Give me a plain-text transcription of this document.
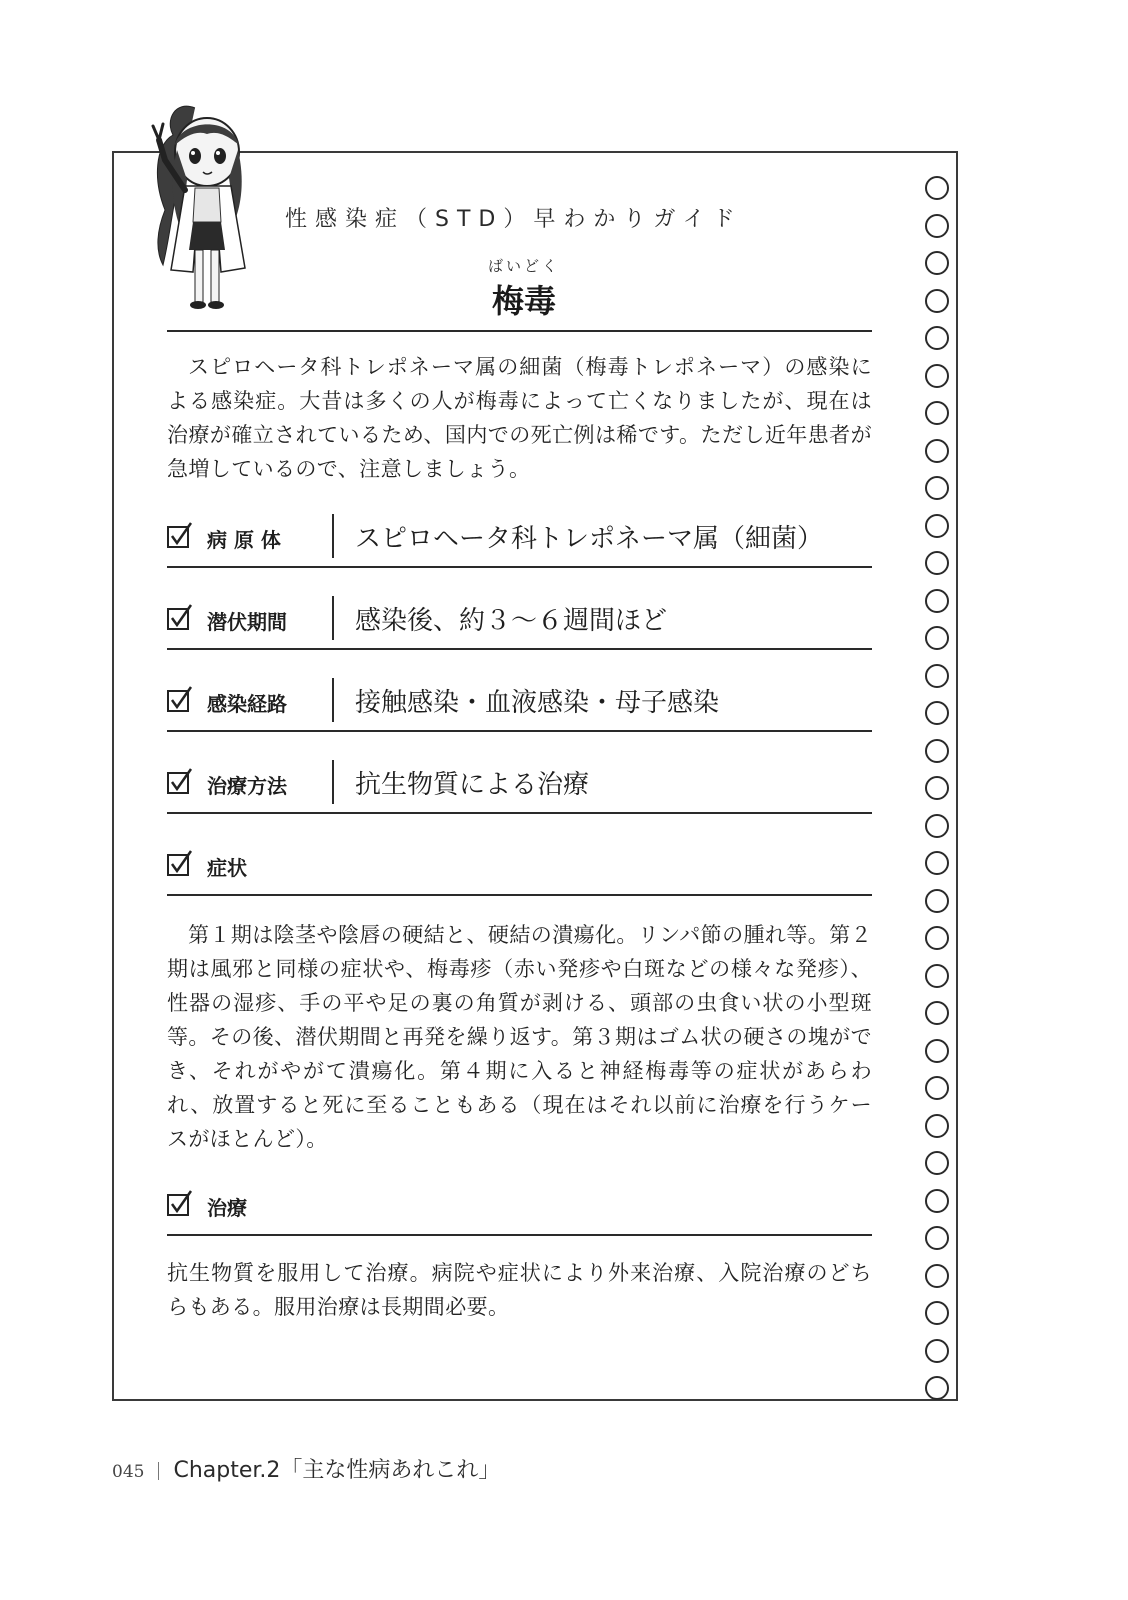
性感染症（STD）早わかりガイド
ばいどく
梅毒
スピロヘータ科トレポネーマ属の細菌（梅毒トレポネーマ）の感染による感染症。大昔は多くの人が梅毒によって亡くなりましたが、現在は治療が確立されているため、国内での死亡例は稀です。ただし近年患者が急増しているので、注意しましょう。
病 原 体	スピロヘータ科トレポネーマ属（細菌）
潜伏期間	感染後、約３〜６週間ほど
感染経路	接触感染・血液感染・母子感染
治療方法	抗生物質による治療
症状
第１期は陰茎や陰唇の硬結と、硬結の潰瘍化。リンパ節の腫れ等。第２期は風邪と同様の症状や、梅毒疹（赤い発疹や白斑などの様々な発疹）、性器の湿疹、手の平や足の裏の角質が剥ける、頭部の虫食い状の小型斑等。その後、潜伏期間と再発を繰り返す。第３期はゴム状の硬さの塊ができ、それがやがて潰瘍化。第４期に入ると神経梅毒等の症状があらわれ、放置すると死に至ることもある（現在はそれ以前に治療を行うケースがほとんど）。
治療
抗生物質を服用して治療。病院や症状により外来治療、入院治療のどちらもある。服用治療は長期間必要。
045 Chapter.2「主な性病あれこれ」
